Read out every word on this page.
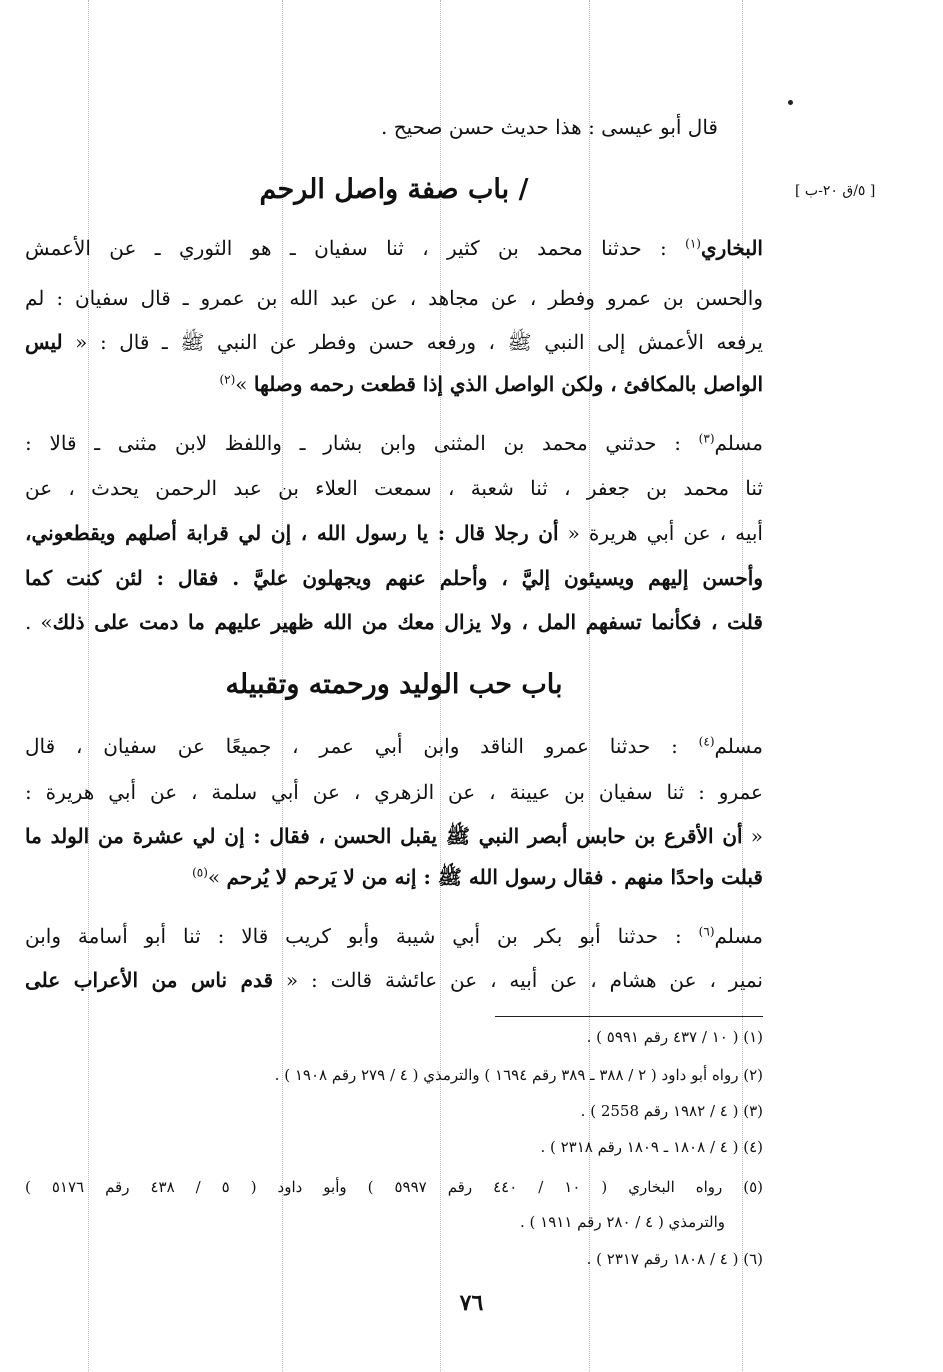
[ ٥/ق ٢٠-ب ]
قال أبو عيسى : هذا حديث حسن صحيح .
/ باب صفة واصل الرحم
البخاري$^{(١)}$ : حدثنا محمد بن كثير ، ثنا سفيان ـ هو الثوري ـ عن الأعمش
والحسن بن عمرو وفطر ، عن مجاهد ، عن عبد الله بن عمرو ـ قال سفيان : لم
يرفعه الأعمش إلى النبي ﷺ ، ورفعه حسن وفطر عن النبي ﷺ ـ قال : « ليس
الواصل بالمكافئ ، ولكن الواصل الذي إذا قطعت رحمه وصلها »$^{(٢)}$
مسلم$^{(٣)}$ : حدثني محمد بن المثنى وابن بشار ـ واللفظ لابن مثنى ـ قالا :
ثنا محمد بن جعفر ، ثنا شعبة ، سمعت العلاء بن عبد الرحمن يحدث ، عن
أبيه ، عن أبي هريرة « أن رجلا قال : يا رسول الله ، إن لي قرابة أصلهم ويقطعوني،
وأحسن إليهم ويسيئون إليَّ ، وأحلم عنهم ويجهلون عليَّ . فقال : لئن كنت كما
قلت ، فكأنما تسفهم المل ، ولا يزال معك من الله ظهير عليهم ما دمت على ذلك» .
باب حب الوليد ورحمته وتقبيله
مسلم$^{(٤)}$ : حدثنا عمرو الناقد وابن أبي عمر ، جميعًا عن سفيان ، قال
عمرو : ثنا سفيان بن عيينة ، عن الزهري ، عن أبي سلمة ، عن أبي هريرة :
« أن الأقرع بن حابس أبصر النبي ﷺ يقبل الحسن ، فقال : إن لي عشرة من الولد ما
قبلت واحدًا منهم . فقال رسول الله ﷺ : إنه من لا يَرحم لا يُرحم »$^{(٥)}$
مسلم$^{(٦)}$ : حدثنا أبو بكر بن أبي شيبة وأبو كريب قالا : ثنا أبو أسامة وابن
نمير ، عن هشام ، عن أبيه ، عن عائشة قالت : « قدم ناس من الأعراب على
(١) ( ١٠ / ٤٣٧ رقم ٥٩٩١ ) .
(٢) رواه أبو داود ( ٢ / ٣٨٨ ـ ٣٨٩ رقم ١٦٩٤ ) والترمذي ( ٤ / ٢٧٩ رقم ١٩٠٨ ) .
(٣) ( ٤ / ١٩٨٢ رقم 2558 ) .
(٤) ( ٤ / ١٨٠٨ ـ ١٨٠٩ رقم ٢٣١٨ ) .
(٥) رواه البخاري ( ١٠ / ٤٤٠ رقم ٥٩٩٧ ) وأبو داود ( ٥ / ٤٣٨ رقم ٥١٧٦ )
والترمذي ( ٤ / ٢٨٠ رقم ١٩١١ ) .
(٦) ( ٤ / ١٨٠٨ رقم ٢٣١٧ ) .
٧٦
